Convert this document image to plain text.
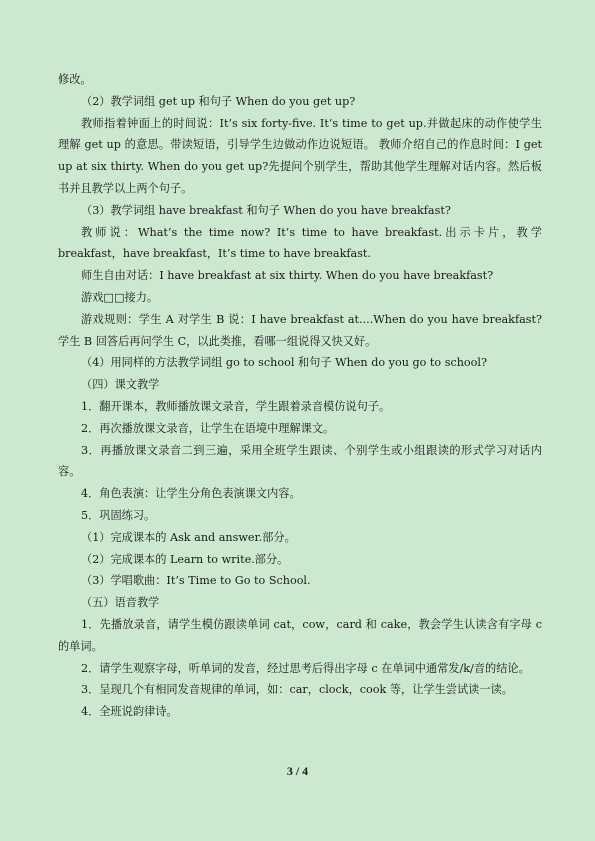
修改。

（2）教学词组 get up 和句子 When do you get up?

教师指着钟面上的时间说：It’s six forty-five. It’s time to get up.并做起床的动作使学生理解 get up 的意思。带读短语，引导学生边做动作边说短语。 教师介绍自己的作息时间：I get up at six thirty. When do you get up?先提问个别学生，帮助其他学生理解对话内容。然后板书并且教学以上两个句子。

（3）教学词组 have breakfast 和句子 When do you have breakfast?

教师说：What’s the time now? It’s time to have breakfast.出示卡片，教学 breakfast，have breakfast，It’s time to have breakfast.

师生自由对话：I have breakfast at six thirty. When do you have breakfast?

游戏□□接力。

游戏规则：学生 A 对学生 B 说：I have breakfast at....When do you have breakfast?学生 B 回答后再问学生 C，以此类推，看哪一组说得又快又好。

（4）用同样的方法教学词组 go to school 和句子 When do you go to school?

（四）课文教学

1．翻开课本，教师播放课文录音，学生跟着录音模仿说句子。

2．再次播放课文录音，让学生在语境中理解课文。

3．再播放课文录音二到三遍，采用全班学生跟读、个别学生或小组跟读的形式学习对话内容。

4．角色表演：让学生分角色表演课文内容。

5．巩固练习。

（1）完成课本的 Ask and answer.部分。

（2）完成课本的 Learn to write.部分。

（3）学唱歌曲：It’s Time to Go to School.

（五）语音教学

1．先播放录音，请学生模仿跟读单词 cat，cow，card 和 cake，教会学生认读含有字母 c 的单词。

2．请学生观察字母，听单词的发音，经过思考后得出字母 c 在单词中通常发/k/音的结论。

3．呈现几个有相同发音规律的单词，如：car，clock，cook 等，让学生尝试读一读。

4．全班说韵律诗。

3 / 4
